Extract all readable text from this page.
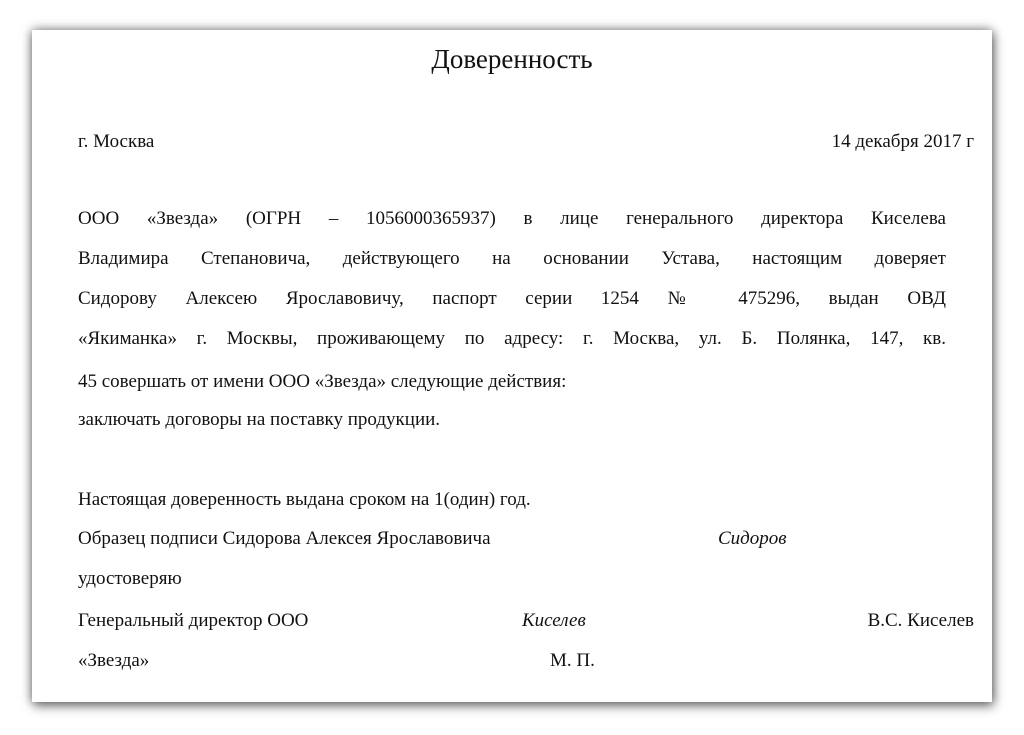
Доверенность
г. Москва	14 декабря 2017 г
ООО «Звезда» (ОГРН – 1056000365937) в лице генерального директора Киселева
Владимира Степановича, действующего на основании Устава, настоящим доверяет
Сидорову Алексею Ярославовичу, паспорт серии 1254 № 475296, выдан ОВД
«Якиманка» г. Москвы, проживающему по адресу: г. Москва, ул. Б. Полянка, 147, кв.
45 совершать от имени ООО «Звезда» следующие действия:
заключать договоры на поставку продукции.
Настоящая доверенность выдана сроком на 1(один) год.
Образец подписи Сидорова Алексея Ярославовича	Сидоров
удостоверяю
Генеральный директор ООО	Киселев	В.С. Киселев
«Звезда»	М. П.
